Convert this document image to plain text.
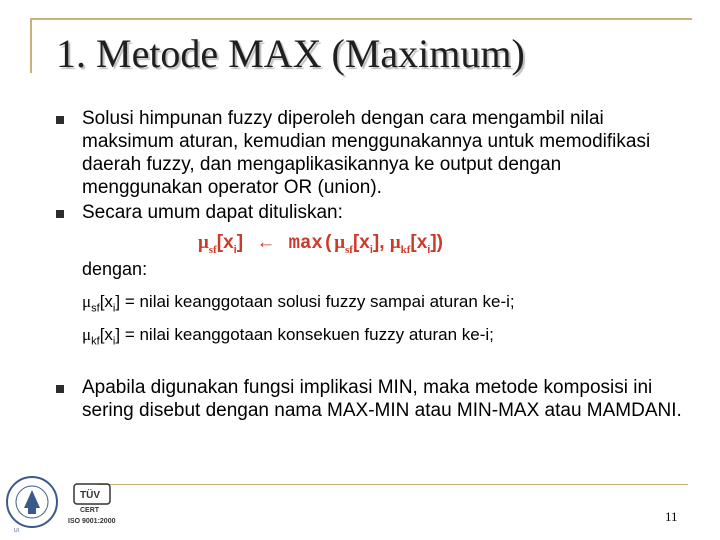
1. Metode MAX (Maximum)
Solusi himpunan fuzzy diperoleh dengan cara mengambil nilai maksimum aturan, kemudian menggunakannya untuk memodifikasi daerah fuzzy, dan mengaplikasikannya ke output dengan menggunakan operator OR (union).
Secara umum dapat dituliskan:
$\mu_{sf}[x_i]$ ← $\max(\mu_{sf}[x_i]$, $\mu_{kf}[x_i]$)
dengan:
$\mu_{sf}[x_i]$ = nilai keanggotaan solusi fuzzy sampai aturan ke-i;
$\mu_{kf}[x_i]$ = nilai keanggotaan konsekuen fuzzy aturan ke-i;
Apabila digunakan fungsi implikasi MIN, maka metode komposisi ini sering disebut dengan nama MAX-MIN atau MIN-MAX atau MAMDANI.
11
UI
TÜV
CERT
ISO 9001:2000
